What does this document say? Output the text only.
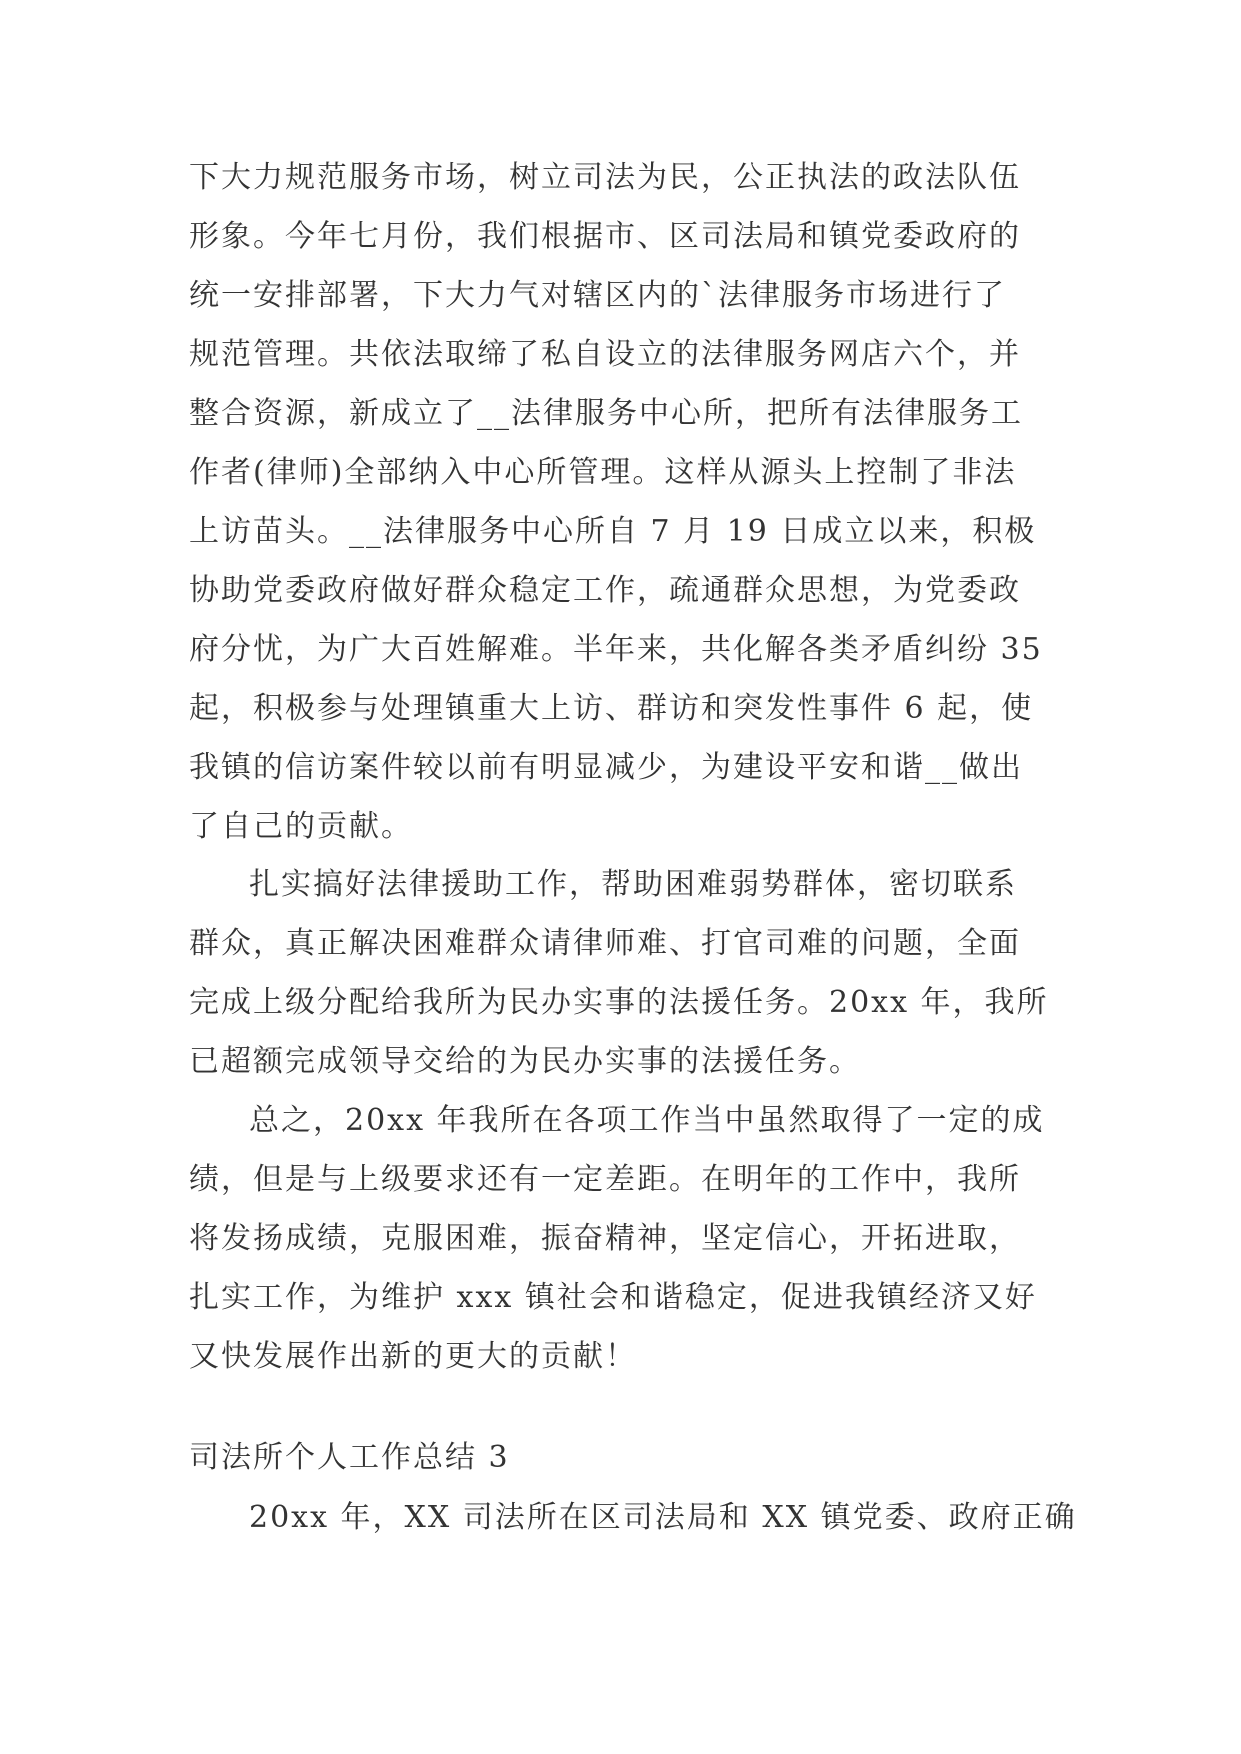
下大力规范服务市场，树立司法为民，公正执法的政法队伍
形象。今年七月份，我们根据市、区司法局和镇党委政府的
统一安排部署，下大力气对辖区内的`法律服务市场进行了
规范管理。共依法取缔了私自设立的法律服务网店六个，并
整合资源，新成立了__法律服务中心所，把所有法律服务工
作者(律师)全部纳入中心所管理。这样从源头上控制了非法
上访苗头。__法律服务中心所自 7 月 19 日成立以来，积极
协助党委政府做好群众稳定工作，疏通群众思想，为党委政
府分忧，为广大百姓解难。半年来，共化解各类矛盾纠纷 35
起，积极参与处理镇重大上访、群访和突发性事件 6 起，使
我镇的信访案件较以前有明显减少，为建设平安和谐__做出
了自己的贡献。
扎实搞好法律援助工作，帮助困难弱势群体，密切联系
群众，真正解决困难群众请律师难、打官司难的问题，全面
完成上级分配给我所为民办实事的法援任务。20xx 年，我所
已超额完成领导交给的为民办实事的法援任务。
总之，20xx 年我所在各项工作当中虽然取得了一定的成
绩，但是与上级要求还有一定差距。在明年的工作中，我所
将发扬成绩，克服困难，振奋精神，坚定信心，开拓进取，
扎实工作，为维护 xxx 镇社会和谐稳定，促进我镇经济又好
又快发展作出新的更大的贡献！
司法所个人工作总结 3
20xx 年，XX 司法所在区司法局和 XX 镇党委、政府正确
